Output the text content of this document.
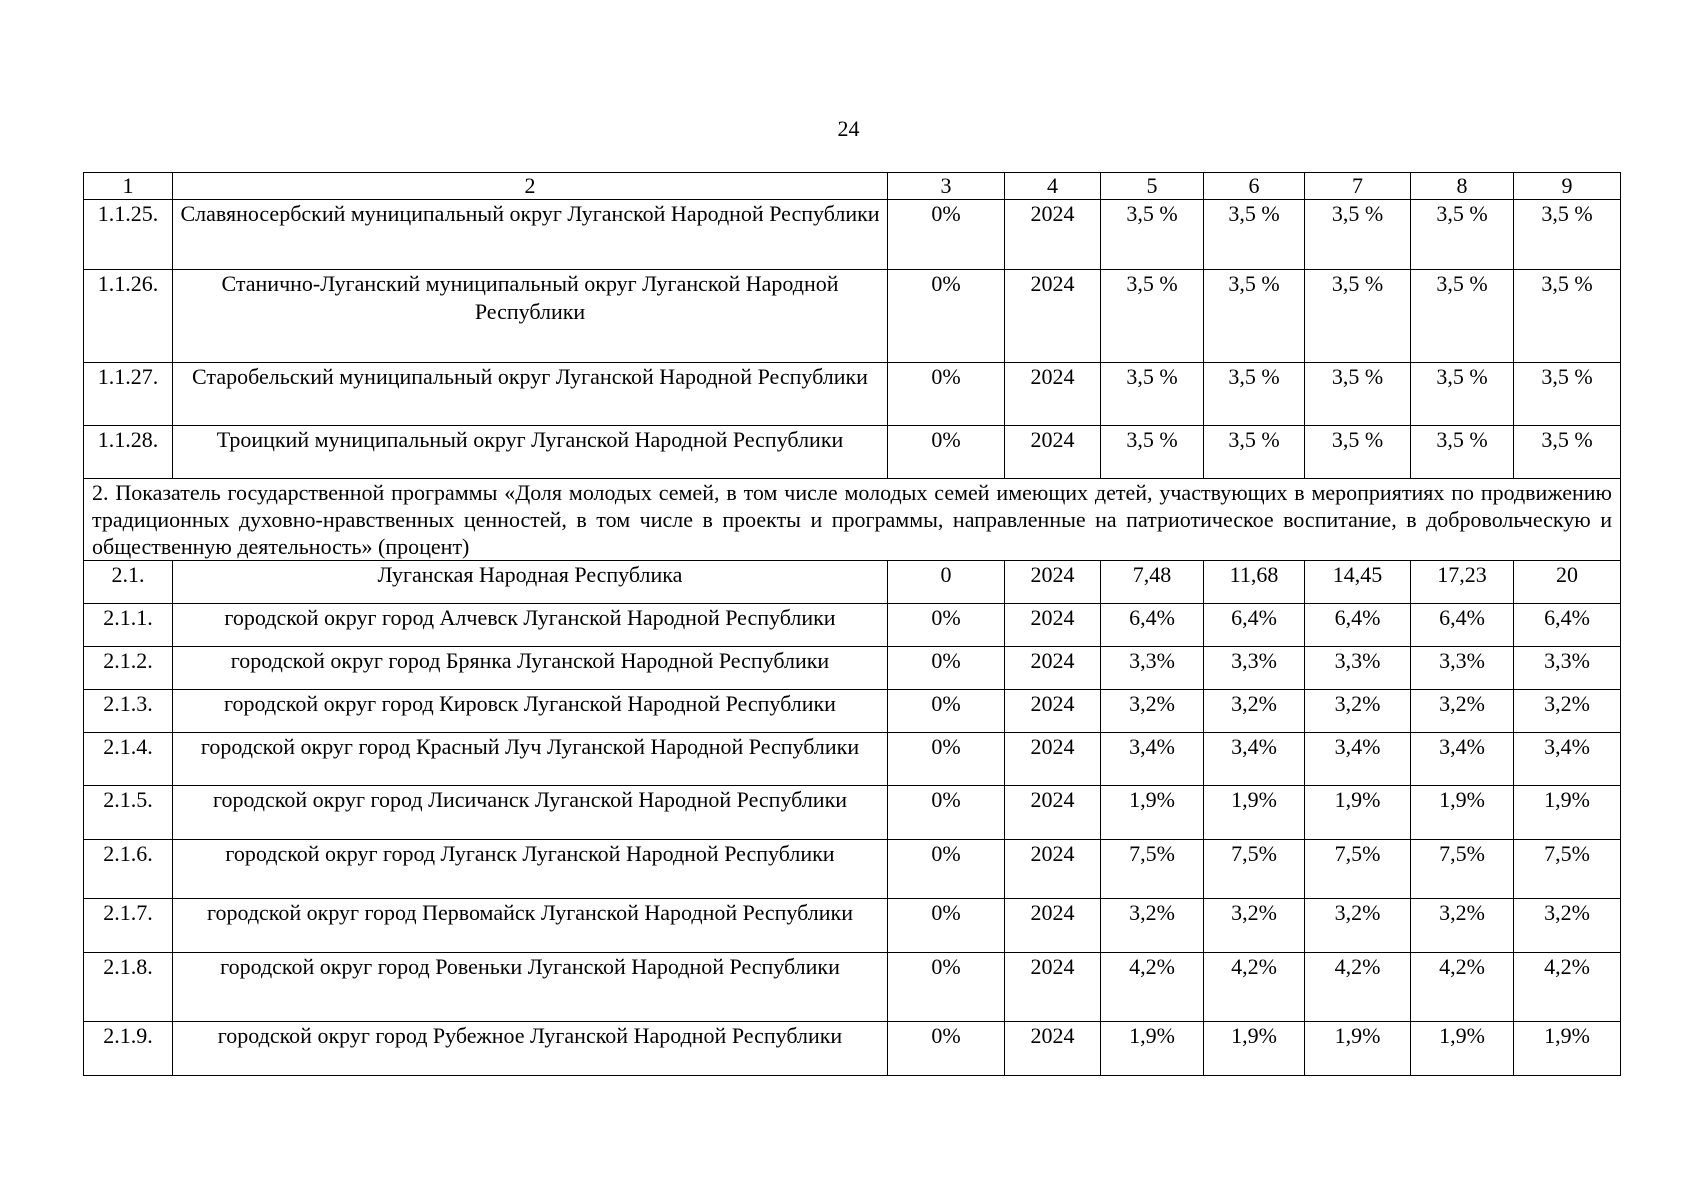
24
1	2	3	4	5	6	7	8	9
1.1.25.	Славяносербский муниципальный округ Луганской Народной Республики	0%	2024	3,5 %	3,5 %	3,5 %	3,5 %	3,5 %
1.1.26.	Станично-Луганский муниципальный округ Луганской Народной Республики	0%	2024	3,5 %	3,5 %	3,5 %	3,5 %	3,5 %
1.1.27.	Старобельский муниципальный округ Луганской Народной Республики	0%	2024	3,5 %	3,5 %	3,5 %	3,5 %	3,5 %
1.1.28.	Троицкий муниципальный округ Луганской Народной Республики	0%	2024	3,5 %	3,5 %	3,5 %	3,5 %	3,5 %
2. Показатель государственной программы «Доля молодых семей, в том числе молодых семей имеющих детей, участвующих в мероприятиях по продвижению традиционных духовно-нравственных ценностей, в том числе в проекты и программы, направленные на патриотическое воспитание, в добровольческую и общественную деятельность» (процент)								
2.1.	Луганская Народная Республика	0	2024	7,48	11,68	14,45	17,23	20
2.1.1.	городской округ город Алчевск Луганской Народной Республики	0%	2024	6,4%	6,4%	6,4%	6,4%	6,4%
2.1.2.	городской округ город Брянка Луганской Народной Республики	0%	2024	3,3%	3,3%	3,3%	3,3%	3,3%
2.1.3.	городской округ город Кировск Луганской Народной Республики	0%	2024	3,2%	3,2%	3,2%	3,2%	3,2%
2.1.4.	городской округ город Красный Луч Луганской Народной Республики	0%	2024	3,4%	3,4%	3,4%	3,4%	3,4%
2.1.5.	городской округ город Лисичанск Луганской Народной Республики	0%	2024	1,9%	1,9%	1,9%	1,9%	1,9%
2.1.6.	городской округ город Луганск Луганской Народной Республики	0%	2024	7,5%	7,5%	7,5%	7,5%	7,5%
2.1.7.	городской округ город Первомайск Луганской Народной Республики	0%	2024	3,2%	3,2%	3,2%	3,2%	3,2%
2.1.8.	городской округ город Ровеньки Луганской Народной Республики	0%	2024	4,2%	4,2%	4,2%	4,2%	4,2%
2.1.9.	городской округ город Рубежное Луганской Народной Республики	0%	2024	1,9%	1,9%	1,9%	1,9%	1,9%
